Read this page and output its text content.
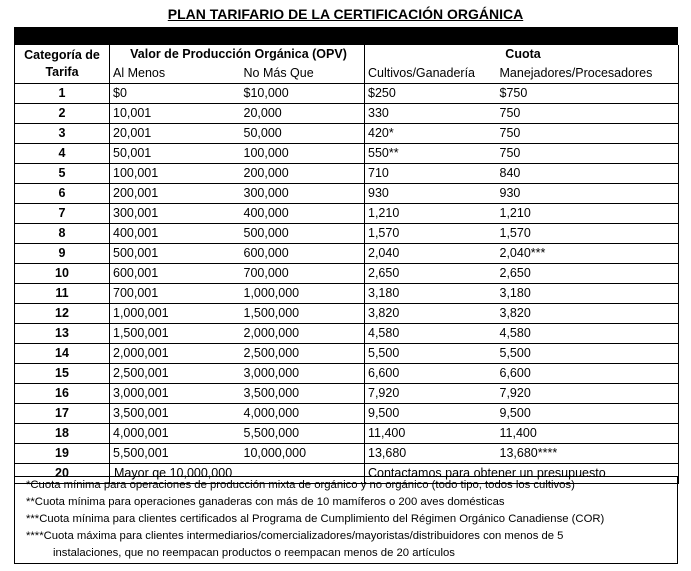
PLAN TARIFARIO DE LA CERTIFICACIÓN ORGÁNICA
Categoría de
Tarifa	Valor de Producción Orgánica (OPV)		Cuota	
	Al Menos	No Más Que	Cultivos/Ganadería	Manejadores/Procesadores
1	$0	$10,000	$250	$750
2	10,001	20,000	330	750
3	20,001	50,000	420*	750
4	50,001	100,000	550**	750
5	100,001	200,000	710	840
6	200,001	300,000	930	930
7	300,001	400,000	1,210	1,210
8	400,001	500,000	1,570	1,570
9	500,001	600,000	2,040	2,040***
10	600,001	700,000	2,650	2,650
11	700,001	1,000,000	3,180	3,180
12	1,000,001	1,500,000	3,820	3,820
13	1,500,001	2,000,000	4,580	4,580
14	2,000,001	2,500,000	5,500	5,500
15	2,500,001	3,000,000	6,600	6,600
16	3,000,001	3,500,000	7,920	7,920
17	3,500,001	4,000,000	9,500	9,500
18	4,000,001	5,500,000	11,400	11,400
19	5,500,001	10,000,000	13,680	13,680****
20	Mayor qe 10,000,000		Contactamos para obtener un presupuesto	
*Cuota mínima para operaciones de producción mixta de orgánico y no orgánico (todo tipo, todos los cultivos)
**Cuota mínima para operaciones ganaderas con más de 10 mamíferos o 200 aves domésticas
***Cuota mínima para clientes certificados al Programa de Cumplimiento del Régimen Orgánico Canadiense (COR)
****Cuota máxima para clientes intermediarios/comercializadores/mayoristas/distribuidores con menos de 5
instalaciones, que no reempacan productos o reempacan menos de 20 artículos
